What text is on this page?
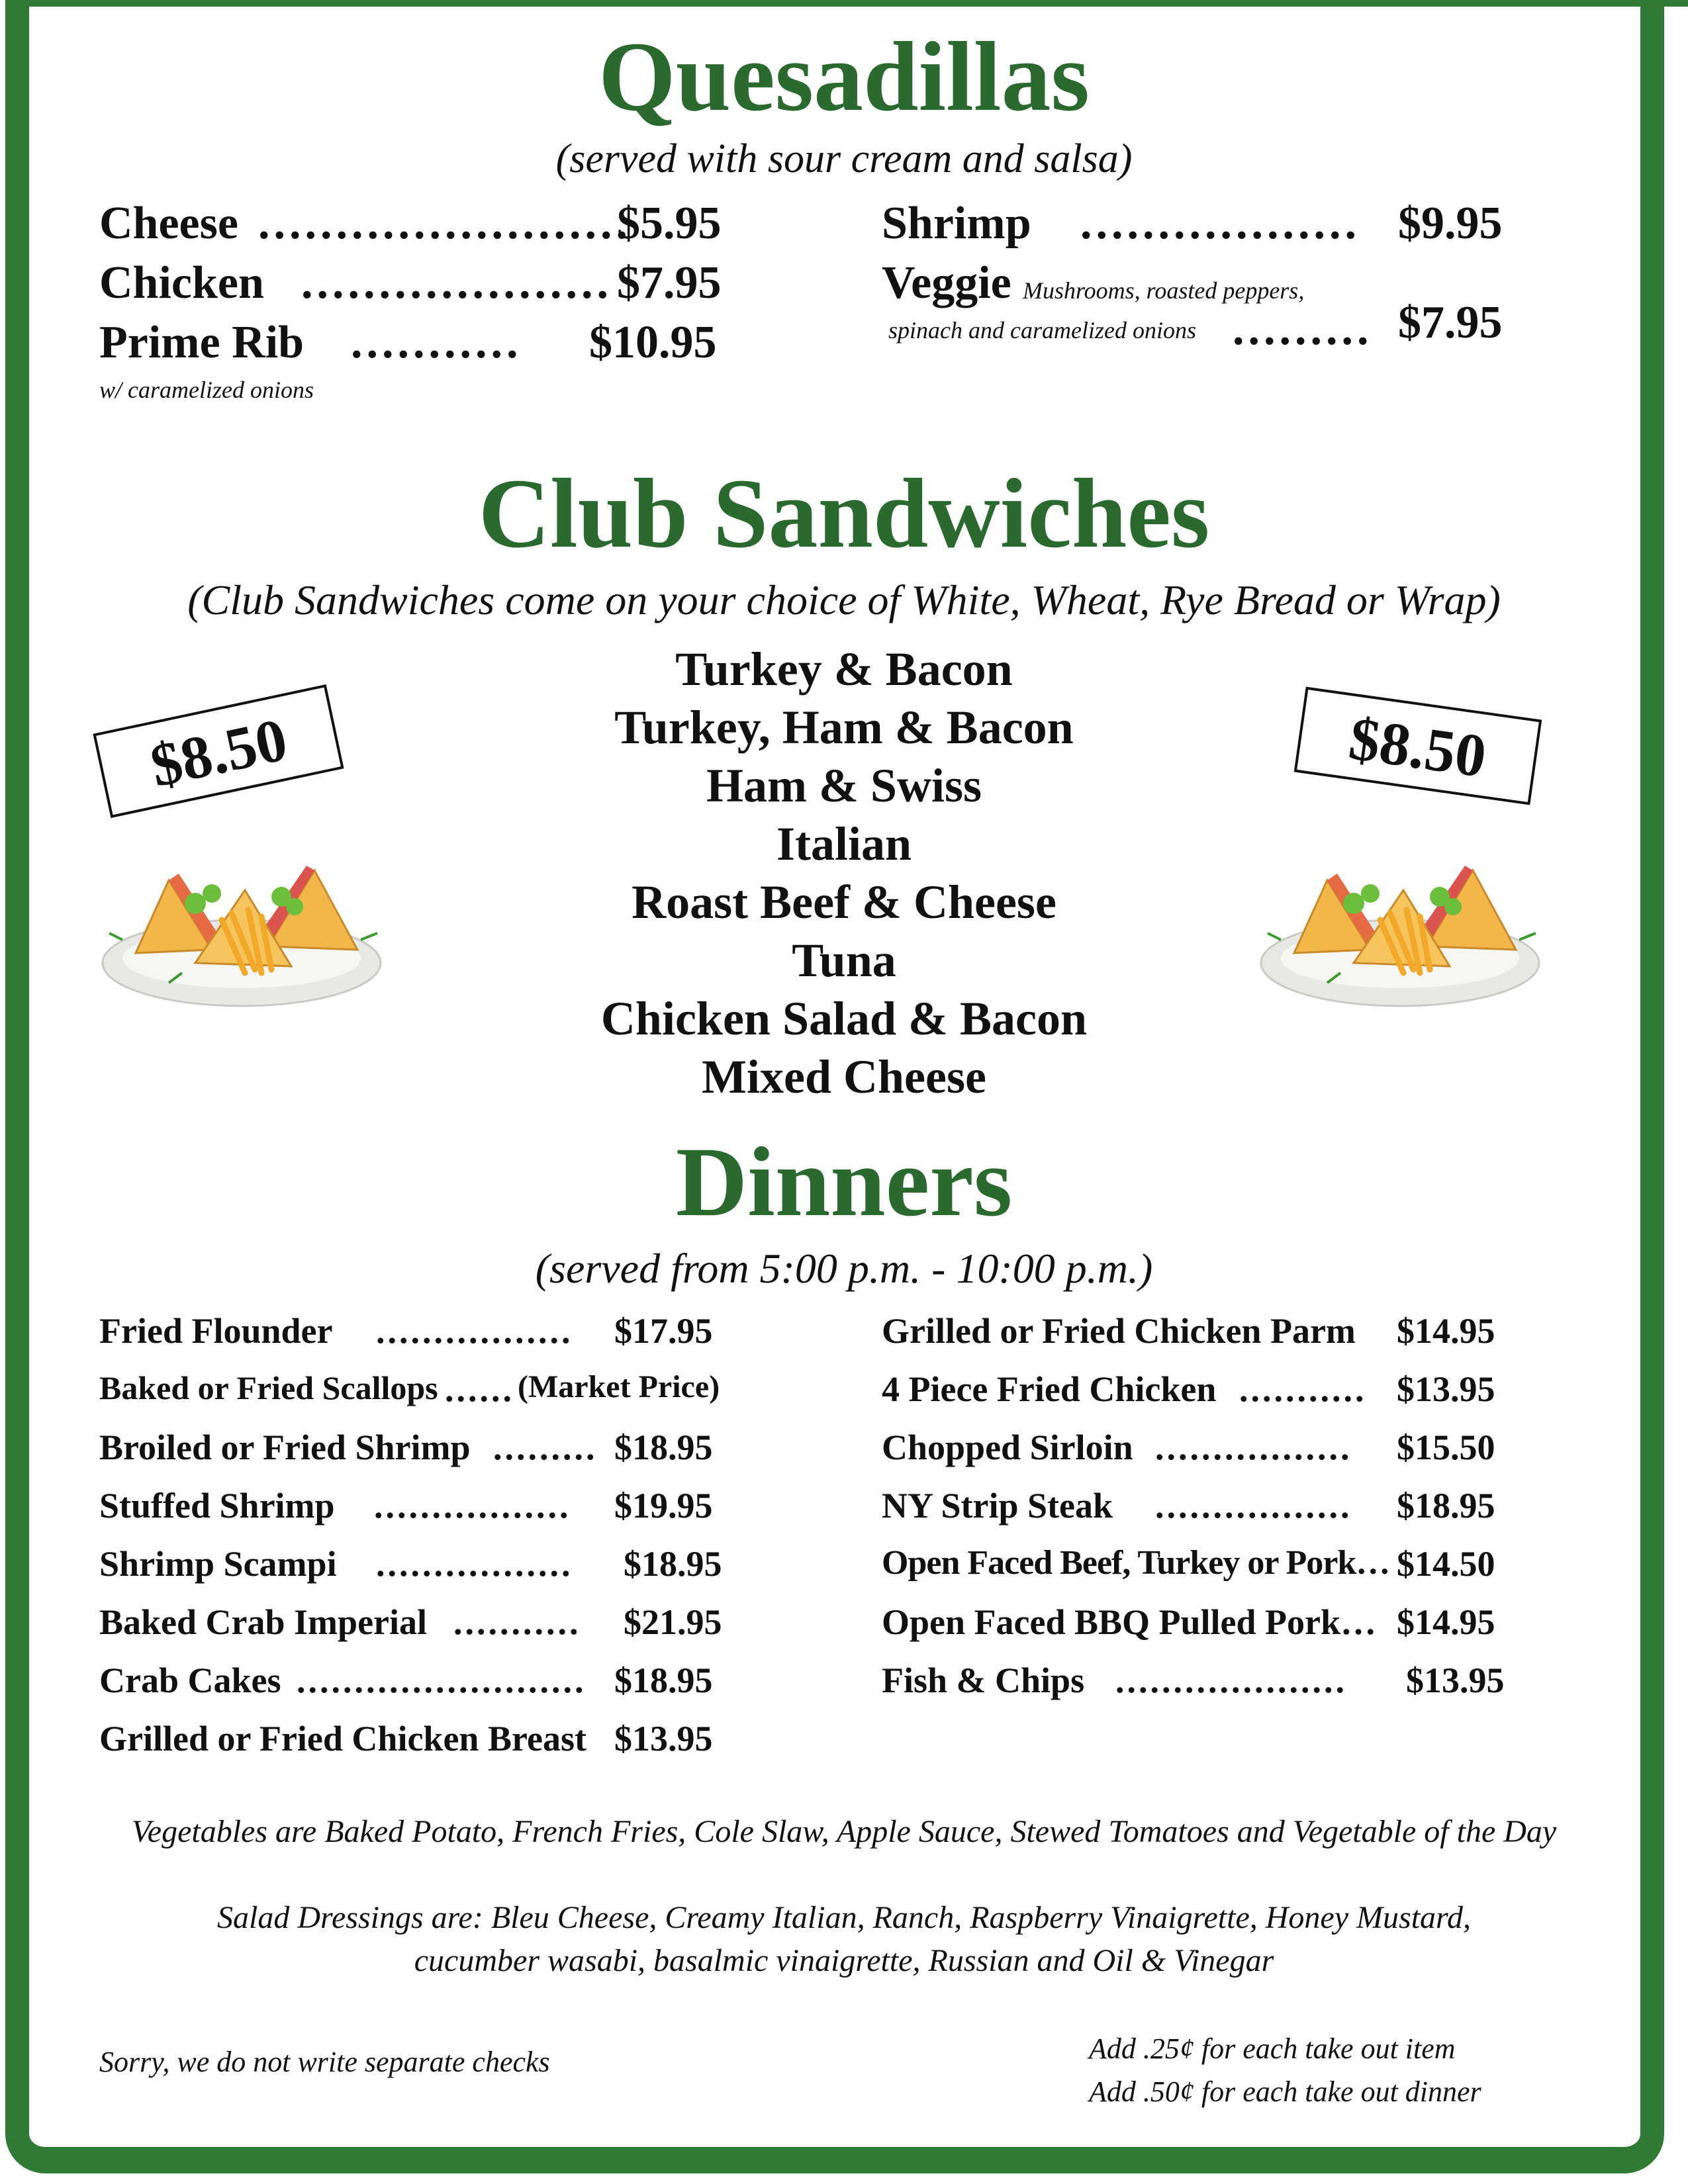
Quesadillas
(served with sour cream and salsa)
Cheese ........................
$5.95
Chicken .................... $7.95
Prime Rib ........... $10.95
w/ caramelized onions
Shrimp .................. $9.95
Veggie Mushrooms, roasted peppers,
spinach and caramelized onions ......... $7.95
Club Sandwiches
(Club Sandwiches come on your choice of White, Wheat, Rye Bread or Wrap)
Turkey & Bacon
Turkey, Ham & Bacon
Ham & Swiss
Italian
Roast Beef & Cheese
Tuna
Chicken Salad & Bacon
Mixed Cheese
$8.50	$8.50
Dinners
(served from 5:00 p.m. - 10:00 p.m.)
Fried Flounder ................. $17.95
Baked or Fried Scallops ...... (Market Price)
Broiled or Fried Shrimp ......... $18.95
Stuffed Shrimp ................. $19.95
Shrimp Scampi ................. $18.95
Baked Crab Imperial ........... $21.95
Crab Cakes ......................... $18.95
Grilled or Fried Chicken Breast $13.95
Grilled or Fried Chicken Parm $14.95
4 Piece Fried Chicken ........... $13.95
Chopped Sirloin ................. $15.50
NY Strip Steak ................. $18.95
Open Faced Beef, Turkey or Pork… $14.50
Open Faced BBQ Pulled Pork… $14.95
Fish & Chips .................... $13.95
Vegetables are Baked Potato, French Fries, Cole Slaw, Apple Sauce, Stewed Tomatoes and Vegetable of the Day
Salad Dressings are: Bleu Cheese, Creamy Italian, Ranch, Raspberry Vinaigrette, Honey Mustard,
cucumber wasabi, basalmic vinaigrette, Russian and Oil & Vinegar
Sorry, we do not write separate checks	Add .25¢ for each take out item
Add .50¢ for each take out dinner
